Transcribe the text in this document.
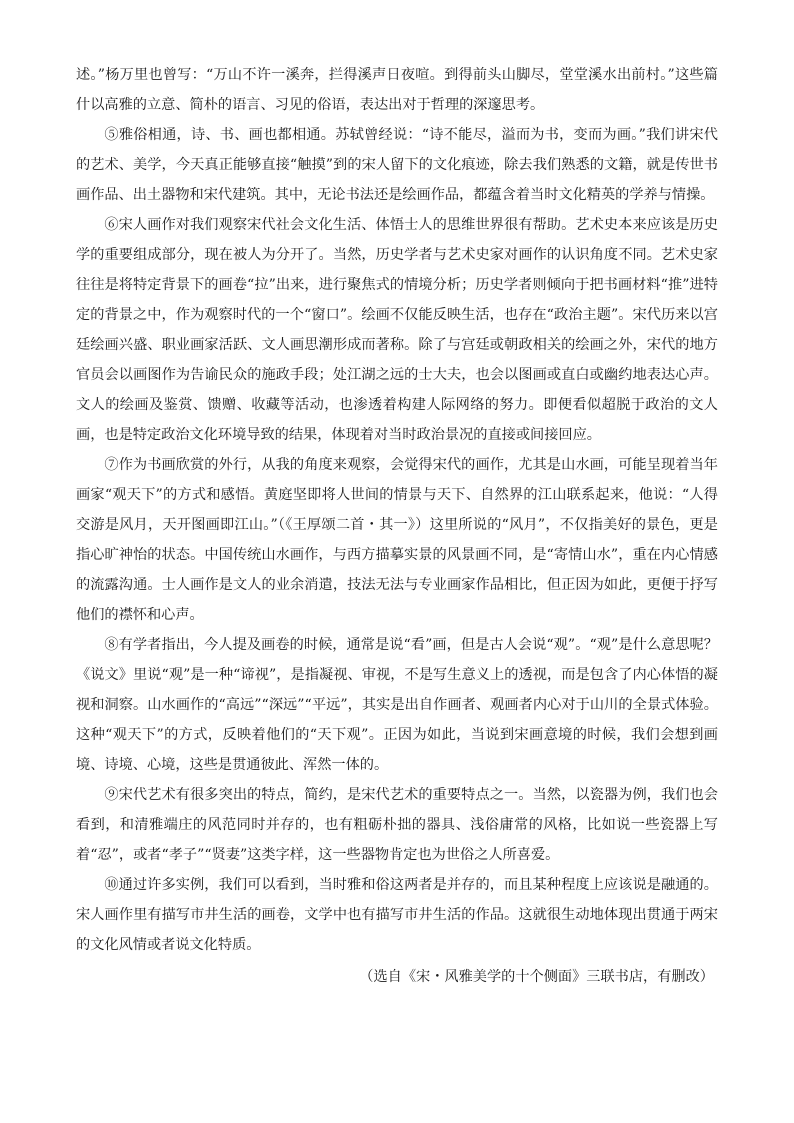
述。”杨万里也曾写：“万山不许一溪奔，拦得溪声日夜喧。到得前头山脚尽，堂堂溪水出前村。”这些篇什以高雅的立意、简朴的语言、习见的俗语，表达出对于哲理的深邃思考。

⑤雅俗相通，诗、书、画也都相通。苏轼曾经说：“诗不能尽，溢而为书，变而为画。”我们讲宋代的艺术、美学，今天真正能够直接“触摸”到的宋人留下的文化痕迹，除去我们熟悉的文籍，就是传世书画作品、出土器物和宋代建筑。其中，无论书法还是绘画作品，都蕴含着当时文化精英的学养与情操。

⑥宋人画作对我们观察宋代社会文化生活、体悟士人的思维世界很有帮助。艺术史本来应该是历史学的重要组成部分，现在被人为分开了。当然，历史学者与艺术史家对画作的认识角度不同。艺术史家往往是将特定背景下的画卷“拉”出来，进行聚焦式的情境分析；历史学者则倾向于把书画材料“推”进特定的背景之中，作为观察时代的一个“窗口”。绘画不仅能反映生活，也存在“政治主题”。宋代历来以宫廷绘画兴盛、职业画家活跃、文人画思潮形成而著称。除了与宫廷或朝政相关的绘画之外，宋代的地方官员会以画图作为告谕民众的施政手段；处江湖之远的士大夫，也会以图画或直白或幽约地表达心声。文人的绘画及鉴赏、馈赠、收藏等活动，也渗透着构建人际网络的努力。即便看似超脱于政治的文人画，也是特定政治文化环境导致的结果，体现着对当时政治景况的直接或间接回应。

⑦作为书画欣赏的外行，从我的角度来观察，会觉得宋代的画作，尤其是山水画，可能呈现着当年画家“观天下”的方式和感悟。黄庭坚即将人世间的情景与天下、自然界的江山联系起来，他说：“人得交游是风月，天开图画即江山。”（《王厚颂二首・其一》）这里所说的“风月”，不仅指美好的景色，更是指心旷神怡的状态。中国传统山水画作，与西方描摹实景的风景画不同，是“寄情山水”，重在内心情感的流露沟通。士人画作是文人的业余消遣，技法无法与专业画家作品相比，但正因为如此，更便于抒写他们的襟怀和心声。

⑧有学者指出，今人提及画卷的时候，通常是说“看”画，但是古人会说“观”。“观”是什么意思呢？《说文》里说“观”是一种“谛视”，是指凝视、审视，不是写生意义上的透视，而是包含了内心体悟的凝视和洞察。山水画作的“高远”“深远”“平远”，其实是出自作画者、观画者内心对于山川的全景式体验。这种“观天下”的方式，反映着他们的“天下观”。正因为如此，当说到宋画意境的时候，我们会想到画境、诗境、心境，这些是贯通彼此、浑然一体的。

⑨宋代艺术有很多突出的特点，简约，是宋代艺术的重要特点之一。当然，以瓷器为例，我们也会看到，和清雅端庄的风范同时并存的，也有粗砺朴拙的器具、浅俗庸常的风格，比如说一些瓷器上写着“忍”，或者“孝子”“贤妻”这类字样，这一些器物肯定也为世俗之人所喜爱。

⑩通过许多实例，我们可以看到，当时雅和俗这两者是并存的，而且某种程度上应该说是融通的。宋人画作里有描写市井生活的画卷，文学中也有描写市井生活的作品。这就很生动地体现出贯通于两宋的文化风情或者说文化特质。

（选自《宋・风雅美学的十个侧面》三联书店，有删改）
